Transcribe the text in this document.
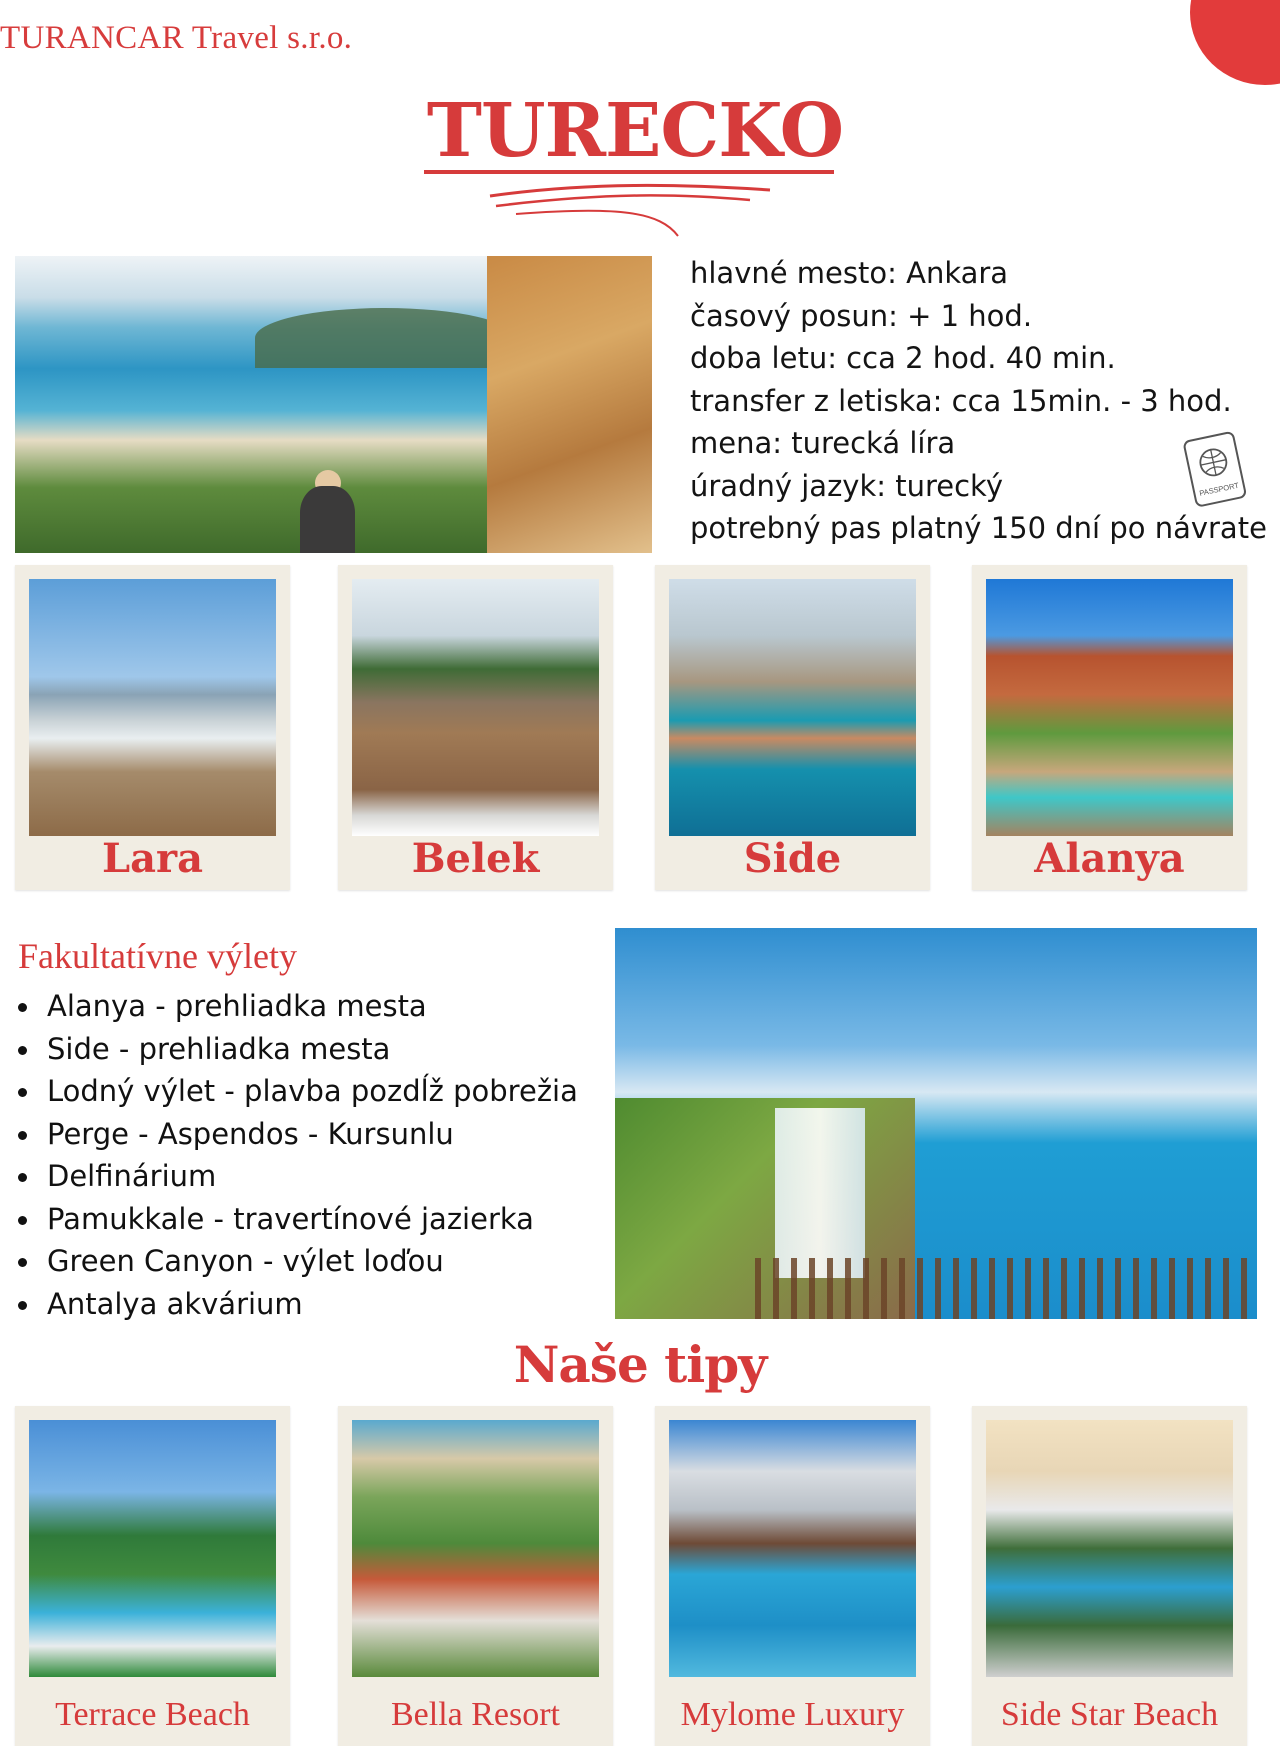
TURANCAR Travel s.r.o.
TURECKO
hlavné mesto: Ankara
časový posun: + 1 hod.
doba letu: cca 2 hod. 40 min.
transfer z letiska: cca 15min. - 3 hod.
mena: turecká líra
úradný jazyk: turecký
potrebný pas platný 150 dní po návrate
PASSPORT
Lara	Belek	Side	Alanya
Fakultatívne výlety
Alanya - prehliadka mesta
Side - prehliadka mesta
Lodný výlet - plavba pozdĺž pobrežia
Perge - Aspendos - Kursunlu
Delfinárium
Pamukkale - travertínové jazierka
Green Canyon - výlet loďou
Antalya akvárium
Naše tipy
Terrace Beach	Bella Resort	Mylome Luxury	Side Star Beach
